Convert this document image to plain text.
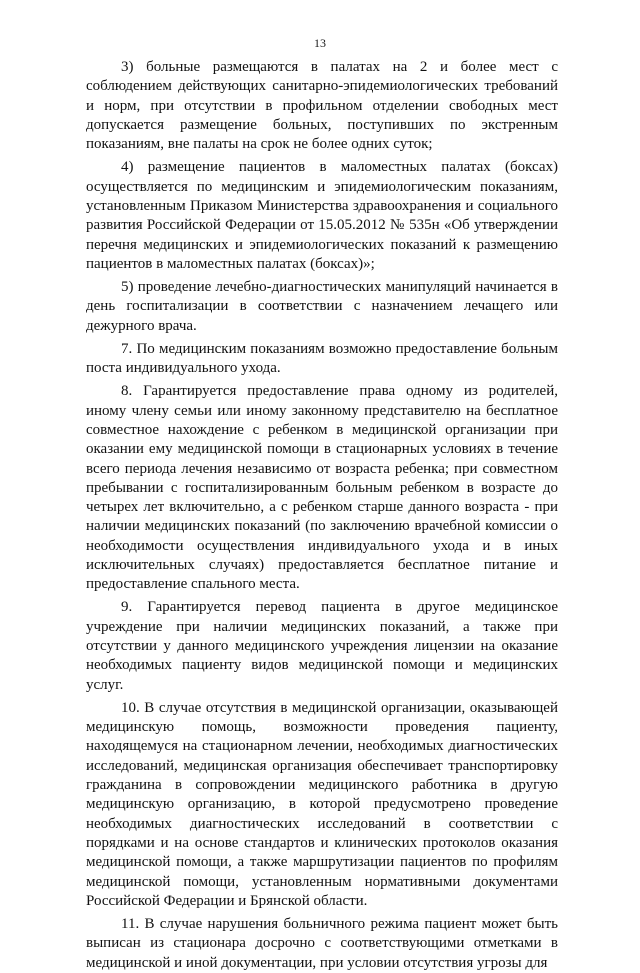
13

3) больные размещаются в палатах на 2 и более мест с соблюдением действующих санитарно-эпидемиологических требований и норм, при отсутствии в профильном отделении свободных мест допускается размещение больных, поступивших по экстренным показаниям, вне палаты на срок не более одних суток;

4) размещение пациентов в маломестных палатах (боксах) осуществляется по медицинским и эпидемиологическим показаниям, установленным Приказом Министерства здравоохранения и социального развития Российской Федерации от 15.05.2012 № 535н «Об утверждении перечня медицинских и эпидемиологических показаний к размещению пациентов в маломестных палатах (боксах)»;

5) проведение лечебно-диагностических манипуляций начинается в день госпитализации в соответствии с назначением лечащего или дежурного врача.

7. По медицинским показаниям возможно предоставление больным поста индивидуального ухода.

8. Гарантируется предоставление права одному из родителей, иному члену семьи или иному законному представителю на бесплатное совместное нахождение с ребенком в медицинской организации при оказании ему медицинской помощи в стационарных условиях в течение всего периода лечения независимо от возраста ребенка; при совместном пребывании с госпитализированным больным ребенком в возрасте до четырех лет включительно, а с ребенком старше данного возраста - при наличии медицинских показаний (по заключению врачебной комиссии о необходимости осуществления индивидуального ухода и в иных исключительных случаях) предоставляется бесплатное питание и предоставление спального места.

9. Гарантируется перевод пациента в другое медицинское учреждение при наличии медицинских показаний, а также при отсутствии у данного медицинского учреждения лицензии на оказание необходимых пациенту видов медицинской помощи и медицинских услуг.

10. В случае отсутствия в медицинской организации, оказывающей медицинскую помощь, возможности проведения пациенту, находящемуся на стационарном лечении, необходимых диагностических исследований, медицинская организация обеспечивает транспортировку гражданина в сопровождении медицинского работника в другую медицинскую организацию, в которой предусмотрено проведение необходимых диагностических исследований в соответствии с порядками и на основе стандартов и клинических протоколов оказания медицинской помощи, а также маршрутизации пациентов по профилям медицинской помощи, установленным нормативными документами Российской Федерации и Брянской области.

11. В случае нарушения больничного режима пациент может быть выписан из стационара досрочно с соответствующими отметками в медицинской и иной документации, при условии отсутствия угрозы для
